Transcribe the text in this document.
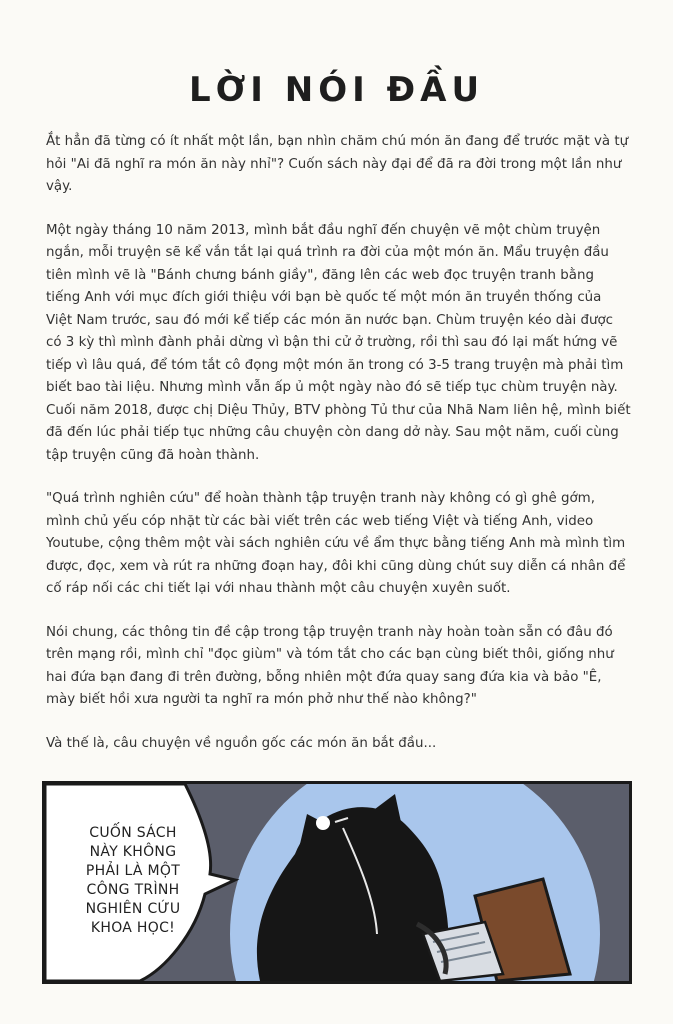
LỜI NÓI ĐẦU

Ắt hẳn đã từng có ít nhất một lần, bạn nhìn chăm chú món ăn đang để trước mặt và tự hỏi "Ai đã nghĩ ra món ăn này nhỉ"? Cuốn sách này đại để đã ra đời trong một lần như vậy.

Một ngày tháng 10 năm 2013, mình bắt đầu nghĩ đến chuyện vẽ một chùm truyện ngắn, mỗi truyện sẽ kể vắn tắt lại quá trình ra đời của một món ăn. Mẩu truyện đầu tiên mình vẽ là "Bánh chưng bánh giầy", đăng lên các web đọc truyện tranh bằng tiếng Anh với mục đích giới thiệu với bạn bè quốc tế một món ăn truyền thống của Việt Nam trước, sau đó mới kể tiếp các món ăn nước bạn. Chùm truyện kéo dài được có 3 kỳ thì mình đành phải dừng vì bận thi cử ở trường, rồi thì sau đó lại mất hứng vẽ tiếp vì lâu quá, để tóm tắt cô đọng một món ăn trong có 3-5 trang truyện mà phải tìm biết bao tài liệu. Nhưng mình vẫn ấp ủ một ngày nào đó sẽ tiếp tục chùm truyện này. Cuối năm 2018, được chị Diệu Thủy, BTV phòng Tủ thư của Nhã Nam liên hệ, mình biết đã đến lúc phải tiếp tục những câu chuyện còn dang dở này. Sau một năm, cuối cùng tập truyện cũng đã hoàn thành.

"Quá trình nghiên cứu" để hoàn thành tập truyện tranh này không có gì ghê gớm, mình chủ yếu cóp nhặt từ các bài viết trên các web tiếng Việt và tiếng Anh, video Youtube, cộng thêm một vài sách nghiên cứu về ẩm thực bằng tiếng Anh mà mình tìm được, đọc, xem và rút ra những đoạn hay, đôi khi cũng dùng chút suy diễn cá nhân để cố ráp nối các chi tiết lại với nhau thành một câu chuyện xuyên suốt.

Nói chung, các thông tin đề cập trong tập truyện tranh này hoàn toàn sẵn có đâu đó trên mạng rồi, mình chỉ "đọc giùm" và tóm tắt cho các bạn cùng biết thôi, giống như hai đứa bạn đang đi trên đường, bỗng nhiên một đứa quay sang đứa kia và bảo "Ê, mày biết hồi xưa người ta nghĩ ra món phở như thế nào không?"

Và thế là, câu chuyện về nguồn gốc các món ăn bắt đầu...

CUỐN SÁCH
NÀY KHÔNG
PHẢI LÀ MỘT
CÔNG TRÌNH
NGHIÊN CỨU
KHOA HỌC!
